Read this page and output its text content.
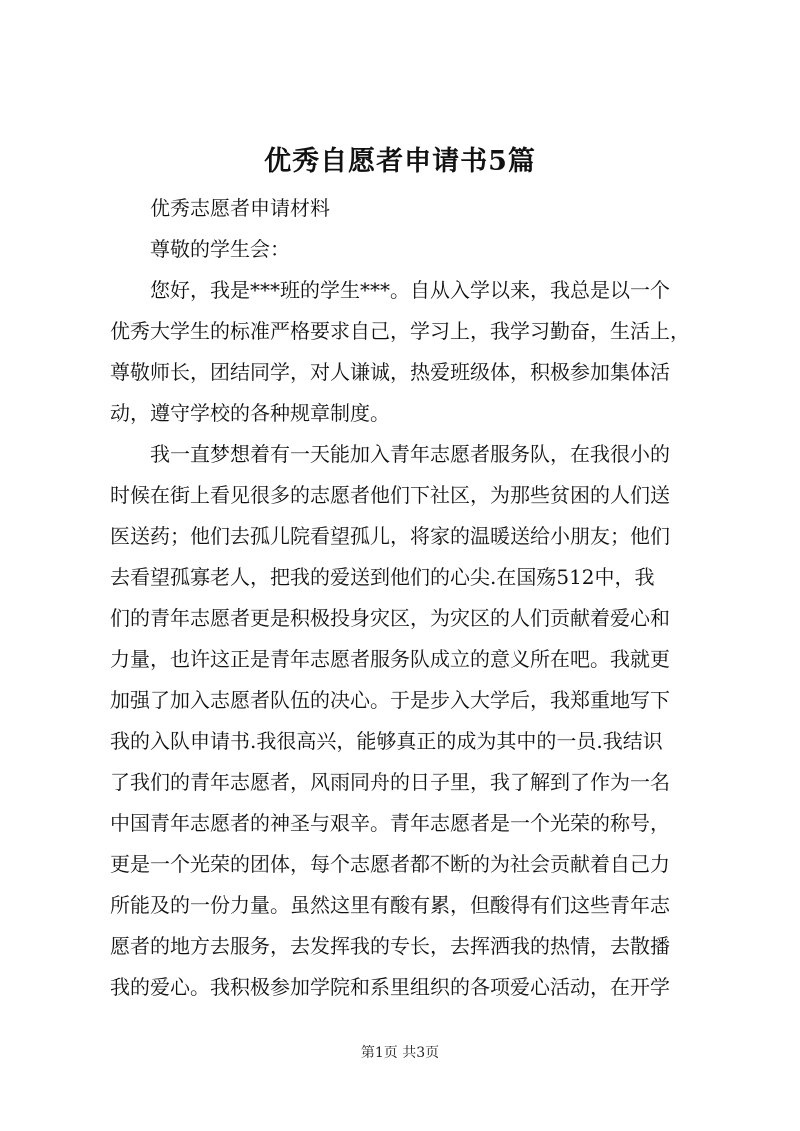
优秀自愿者申请书5篇
优秀志愿者申请材料
尊敬的学生会：
您好，我是***班的学生***。自从入学以来，我总是以一个
优秀大学生的标准严格要求自己，学习上，我学习勤奋，生活上，
尊敬师长，团结同学，对人谦诚，热爱班级体，积极参加集体活
动，遵守学校的各种规章制度。
我一直梦想着有一天能加入青年志愿者服务队，在我很小的
时候在街上看见很多的志愿者他们下社区，为那些贫困的人们送
医送药；他们去孤儿院看望孤儿，将家的温暖送给小朋友；他们
去看望孤寡老人，把我的爱送到他们的心尖.在国殇512中，我
们的青年志愿者更是积极投身灾区，为灾区的人们贡献着爱心和
力量，也许这正是青年志愿者服务队成立的意义所在吧。我就更
加强了加入志愿者队伍的决心。于是步入大学后，我郑重地写下
我的入队申请书.我很高兴，能够真正的成为其中的一员.我结识
了我们的青年志愿者，风雨同舟的日子里，我了解到了作为一名
中国青年志愿者的神圣与艰辛。青年志愿者是一个光荣的称号，
更是一个光荣的团体，每个志愿者都不断的为社会贡献着自己力
所能及的一份力量。虽然这里有酸有累，但酸得有们这些青年志
愿者的地方去服务，去发挥我的专长，去挥洒我的热情，去散播
我的爱心。我积极参加学院和系里组织的各项爱心活动，在开学
第1页 共3页
